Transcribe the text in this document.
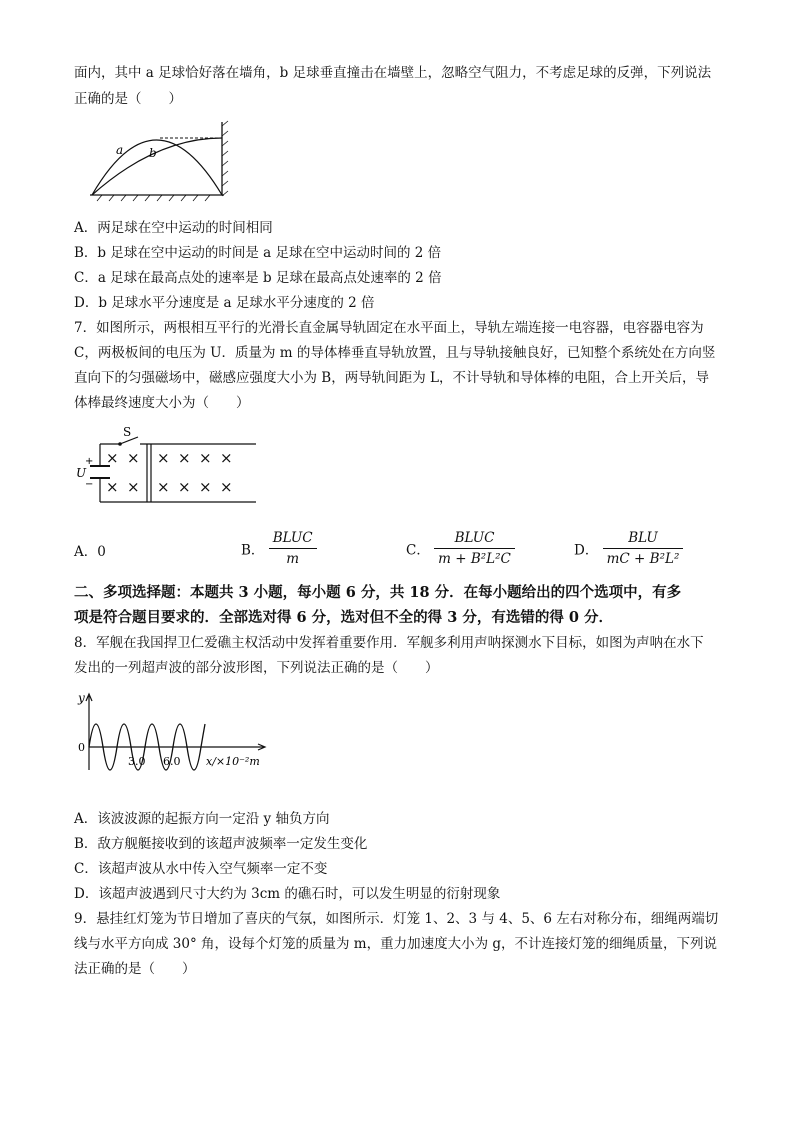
面内，其中 a 足球恰好落在墙角，b 足球垂直撞击在墙壁上，忽略空气阻力，不考虑足球的反弹，下列说法
正确的是（　　）
a b
A．两足球在空中运动的时间相同
B．b 足球在空中运动的时间是 a 足球在空中运动时间的 2 倍
C．a 足球在最高点处的速率是 b 足球在最高点处速率的 2 倍
D．b 足球水平分速度是 a 足球水平分速度的 2 倍
7．如图所示，两根相互平行的光滑长直金属导轨固定在水平面上，导轨左端连接一电容器，电容器电容为
C，两极板间的电压为 U．质量为 m 的导体棒垂直导轨放置，且与导轨接触良好，已知整个系统处在方向竖
直向下的匀强磁场中，磁感应强度大小为 B，两导轨间距为 L，不计导轨和导体棒的电阻，合上开关后，导
体棒最终速度大小为（　　）
× × × × × ×
× × × × × ×
S
U
+
−
A．0	B． $\frac{\text{BLUC}}{m}$	C． $\frac{\text{BLUC}}{\text{m + B²L²C}}$	D． $\frac{\text{BLU}}{\text{mC + B²L²}}$
二、多项选择题：本题共 3 小题，每小题 6 分，共 18 分．在每小题给出的四个选项中，有多
项是符合题目要求的．全部选对得 6 分，选对但不全的得 3 分，有选错的得 0 分．
8．军舰在我国捍卫仁爱礁主权活动中发挥着重要作用．军舰多利用声呐探测水下目标，如图为声呐在水下
发出的一列超声波的部分波形图，下列说法正确的是（　　）
y
0
3.0 6.0 x/×10⁻²m
A．该波波源的起振方向一定沿 y 轴负方向
B．敌方舰艇接收到的该超声波频率一定发生变化
C．该超声波从水中传入空气频率一定不变
D．该超声波遇到尺寸大约为 3cm 的礁石时，可以发生明显的衍射现象
9．悬挂红灯笼为节日增加了喜庆的气氛，如图所示．灯笼 1、2、3 与 4、5、6 左右对称分布，细绳两端切
线与水平方向成 30° 角，设每个灯笼的质量为 m，重力加速度大小为 g，不计连接灯笼的细绳质量，下列说
法正确的是（　　）
